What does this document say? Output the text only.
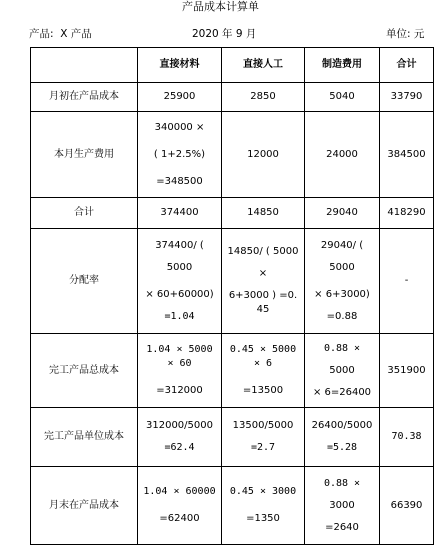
产品成本计算单
产品:  X 产品	2020 年 9 月	单位: 元
	直接材料	直接人工	制造费用	合计
月初在产品成本	25900	2850	5040	33790
本月生产费用	340000 ×
( 1+2.5%)
=348500	12000	24000	384500
合计	374400	14850	29040	418290
分配率	374400/ (
5000
× 60+60000)
=1.04	14850/ ( 5000
×
6+3000 ) =0.
45	29040/ (
5000
× 6+3000)
=0.88	-
完工产品总成本	1.04 × 5000
× 60
=312000	0.45 × 5000
× 6
=13500	0.88 ×
5000
× 6=26400	351900
完工产品单位成本	312000/5000
=62.4	13500/5000
=2.7	26400/5000
=5.28	70.38
月末在产品成本	1.04 × 60000
=62400	0.45 × 3000
=1350	0.88 ×
3000
=2640	66390
